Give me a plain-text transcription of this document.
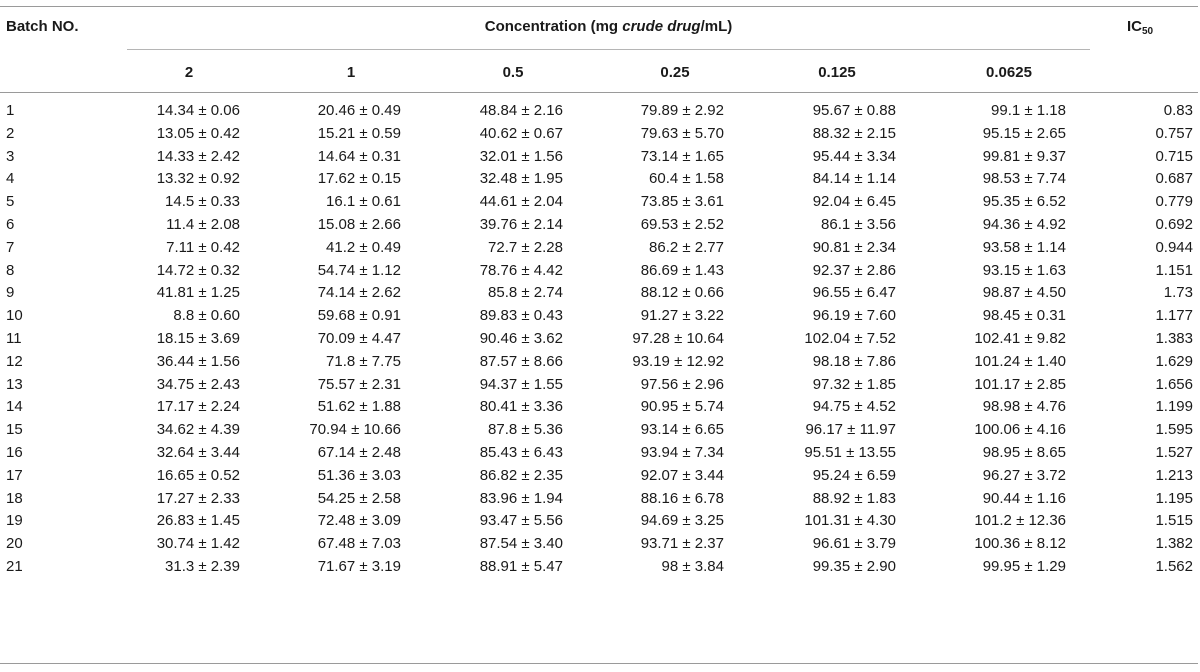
Batch NO.	Concentration (mg crude drug/mL)	$IC_{50}$
2	1	0.5	0.25	0.125	0.0625
1	14.34 ± 0.06	20.46 ± 0.49	48.84 ± 2.16	79.89 ± 2.92	95.67 ± 0.88	99.1 ± 1.18	0.83
2	13.05 ± 0.42	15.21 ± 0.59	40.62 ± 0.67	79.63 ± 5.70	88.32 ± 2.15	95.15 ± 2.65	0.757
3	14.33 ± 2.42	14.64 ± 0.31	32.01 ± 1.56	73.14 ± 1.65	95.44 ± 3.34	99.81 ± 9.37	0.715
4	13.32 ± 0.92	17.62 ± 0.15	32.48 ± 1.95	60.4 ± 1.58	84.14 ± 1.14	98.53 ± 7.74	0.687
5	14.5 ± 0.33	16.1 ± 0.61	44.61 ± 2.04	73.85 ± 3.61	92.04 ± 6.45	95.35 ± 6.52	0.779
6	11.4 ± 2.08	15.08 ± 2.66	39.76 ± 2.14	69.53 ± 2.52	86.1 ± 3.56	94.36 ± 4.92	0.692
7	7.11 ± 0.42	41.2 ± 0.49	72.7 ± 2.28	86.2 ± 2.77	90.81 ± 2.34	93.58 ± 1.14	0.944
8	14.72 ± 0.32	54.74 ± 1.12	78.76 ± 4.42	86.69 ± 1.43	92.37 ± 2.86	93.15 ± 1.63	1.151
9	41.81 ± 1.25	74.14 ± 2.62	85.8 ± 2.74	88.12 ± 0.66	96.55 ± 6.47	98.87 ± 4.50	1.73
10	8.8 ± 0.60	59.68 ± 0.91	89.83 ± 0.43	91.27 ± 3.22	96.19 ± 7.60	98.45 ± 0.31	1.177
11	18.15 ± 3.69	70.09 ± 4.47	90.46 ± 3.62	97.28 ± 10.64	102.04 ± 7.52	102.41 ± 9.82	1.383
12	36.44 ± 1.56	71.8 ± 7.75	87.57 ± 8.66	93.19 ± 12.92	98.18 ± 7.86	101.24 ± 1.40	1.629
13	34.75 ± 2.43	75.57 ± 2.31	94.37 ± 1.55	97.56 ± 2.96	97.32 ± 1.85	101.17 ± 2.85	1.656
14	17.17 ± 2.24	51.62 ± 1.88	80.41 ± 3.36	90.95 ± 5.74	94.75 ± 4.52	98.98 ± 4.76	1.199
15	34.62 ± 4.39	70.94 ± 10.66	87.8 ± 5.36	93.14 ± 6.65	96.17 ± 11.97	100.06 ± 4.16	1.595
16	32.64 ± 3.44	67.14 ± 2.48	85.43 ± 6.43	93.94 ± 7.34	95.51 ± 13.55	98.95 ± 8.65	1.527
17	16.65 ± 0.52	51.36 ± 3.03	86.82 ± 2.35	92.07 ± 3.44	95.24 ± 6.59	96.27 ± 3.72	1.213
18	17.27 ± 2.33	54.25 ± 2.58	83.96 ± 1.94	88.16 ± 6.78	88.92 ± 1.83	90.44 ± 1.16	1.195
19	26.83 ± 1.45	72.48 ± 3.09	93.47 ± 5.56	94.69 ± 3.25	101.31 ± 4.30	101.2 ± 12.36	1.515
20	30.74 ± 1.42	67.48 ± 7.03	87.54 ± 3.40	93.71 ± 2.37	96.61 ± 3.79	100.36 ± 8.12	1.382
21	31.3 ± 2.39	71.67 ± 3.19	88.91 ± 5.47	98 ± 3.84	99.35 ± 2.90	99.95 ± 1.29	1.562
